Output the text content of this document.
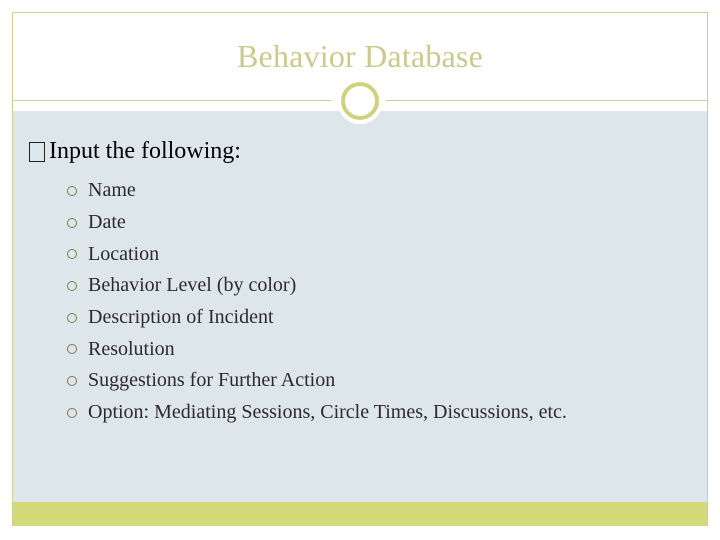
Behavior Database
Input the following:
Name
Date
Location
Behavior Level (by color)
Description of Incident
Resolution
Suggestions for Further Action
Option: Mediating Sessions, Circle Times, Discussions, etc.
